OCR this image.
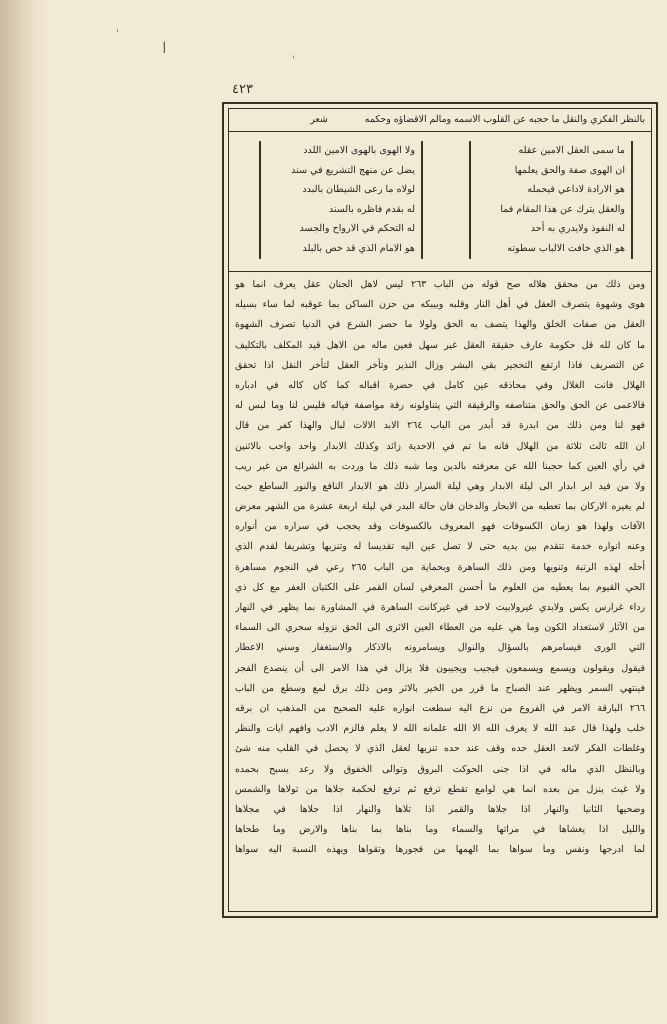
ǀ
'
'
٤٢٣
بالنظر الفكري والنقل ما حجبه عن القلوب الاسمه ومالم الاقضاؤه وحكمه شعر
ما سمى العقل الامين عقله
ان الهوى صفة والحق يعلمها
هو الارادة لاداعي فيحمله
والعقل يترك عن هذا المقام فما
له النفوذ ولايدري به أحد
هو الذي خافت الالباب سطوته
ولا الهوى بالهوى الامين اللدد
يضل عن منهج التشريع في سند
لولاه ما رعى الشيطان بالبدد
له بقدم فاظره بالسند
له التحكم في الارواح والجسد
هو الامام الذي قد خص بالبلد
ومن ذلك من محقق هلاله صح قوله من الباب ٢٦٣ ليس لاهل الجنان عقل يعرف انما هو
هوى وشهوة يتصرف العقل في أهل النار وقلبه وبيبكه من حزن الساكن بما عوقبه لما ساء بسيله
العقل من صفات الخلق والهذا يتصف به الحق ولولا ما حصر الشرع في الدنيا تصرف الشهوة
ما كان لله قل حكومة عارف حقيقة العقل غير سهل فعين ماله من الاهل قيد المكلف بالتكليف
عن التصريف فاذا ارتفع التحجير بقي البشر وزال النذير وتأخر العقل لتأخر النقل اذا تحقق
الهلال فانت الغلال وفي محاذقه عين كامل في حضرة اقباله كما كان كاله في ادباره
قالاعمى عن الحق والحق متناصفه والرقيقة التي يتناولونه رقة مواصفة فياله فليس لنا وما لبس له
فهو لنا ومن ذلك من ابدرة قد أبدر من الباب ٢٦٤ الابد الالات لبال والهذا كفر من قال
ان الله ثالث ثلاثة من الهلال فانه ما تم في الاحدية زائد وكذلك الابدار واحد واحب بالاثنين
في رأي العين كما حجبنا الله عن معرفته بالدين وما شبه ذلك ما وردت به الشرائع من غير ريب
ولا من فيد ابر ابدار الى ليلة الابدار وهي ليلة السرار ذلك هو الابدار النافع والنور الساطع حيث
لم يغيره الاركان بما تعطيه من الابحار والدخان فان حالة البدر في ليلة اربعة عشرة من الشهر معرض
الآفات ولهذا هو زمان الكسوفات فهو المعروف بالكسوفات وقد يحجب في سراره من أنواره
وعنه انواره خدمة تتقدم بين يديه حتى لا تصل عين اليه تقديسا له وتنزيها وتشريفا لقدم الذي
أحله لهذه الرتبة وتنويها ومن ذلك الساهرة وبحماية من الباب ٢٦٥ رعي في النجوم مساهرة
الحي القيوم بما يعطيه من العلوم ما أحسن المعرفي لسان القمر على الكتبان العفر مع كل ذي
رداء غرارس يكس ولابدي غيرولابيت لاحد في غيركانت الساهرة في المشاورة بما يظهر في النهار
من الآثار لاستعداد الكون وما هي عليه من العطاء العين الاثرى الى الحق نزوله سحري الى السماء
التي الورى فيسامرهم بالسؤال والنوال ويسامرونه بالاذكار والاستغفار وسني الاعطار
فيقول ويقولون ويسمع ويسمعون فيجيب ويجيبون فلا يزال في هذا الامر الى أن ينصدع الفجر
فينتهي السمر ويظهر عند الصباح ما قرر من الخير بالاثر ومن ذلك برق لمع وسطع من الباب
٢٦٦ البارقة الامر في الفروع من نزع اليه سطعت انواره عليه الصحيح من المذهب ان برقه
خلب ولهذا قال عبد الله لا يعرف الله الا الله علمانه الله لا يعلم فالزم الادب وافهم ايات والنظر
وغلطات الفكر لاتعد العقل حده وقف عند حده تنزيها لعقل الذي لا يحصل في القلب منه شئ
وبالنظل الذي ماله في اذا جنى الحوكت البروق وتوالى الخفوق ولا رعد يسبح بحمده
ولا غيث ينزل من بعده انما هي لوامع تقطع ترفع ثم ترفع لحكمة جلاها من تولاها والشمس
وضحيها الثانيا والنهار اذا جلاها والقمر اذا تلاها والنهار اذا جلاها في مجلاها
والليل اذا يغشاها في مراتها والسماء وما بناها بما بناها والارض وما طحاها
لما ادرجها ونفس وما سواها بما الهمها من فجورها وتقواها ويهذه النسبة اليه سواها
